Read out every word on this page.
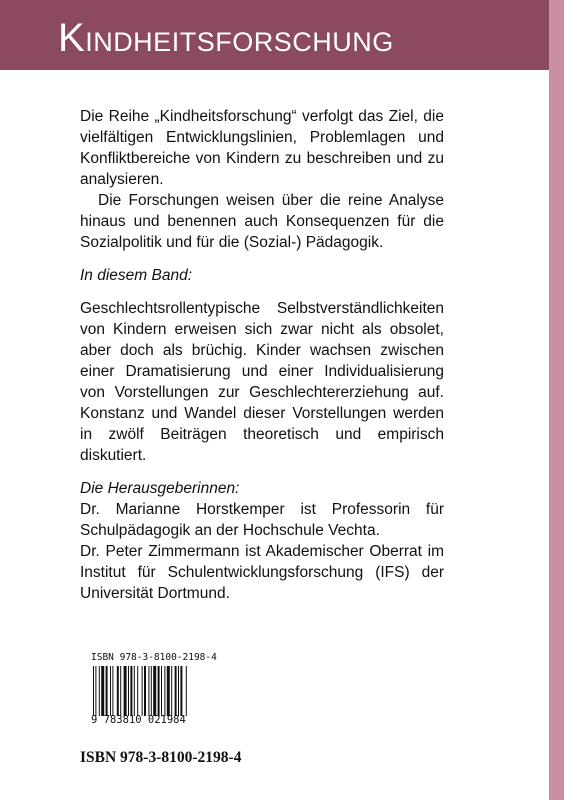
KINDHEITSFORSCHUNG

Die Reihe „Kindheitsforschung“ verfolgt das Ziel, die vielfältigen Entwicklungslinien, Problemlagen und Konfliktbereiche von Kindern zu beschreiben und zu analysieren.

Die Forschungen weisen über die reine Analyse hinaus und benennen auch Konsequenzen für die Sozialpolitik und für die (Sozial-) Pädagogik.

In diesem Band:

Geschlechtsrollentypische Selbstverständlichkeiten von Kindern erweisen sich zwar nicht als obsolet, aber doch als brüchig. Kinder wachsen zwischen einer Dramatisierung und einer Individualisierung von Vorstellungen zur Geschlechtererziehung auf. Konstanz und Wandel dieser Vorstellungen werden in zwölf Beiträgen theoretisch und empirisch diskutiert.

Die Herausgeberinnen:

Dr. Marianne Horstkemper ist Professorin für Schulpädagogik an der Hochschule Vechta.

Dr. Peter Zimmermann ist Akademischer Oberrat im Institut für Schulentwicklungsforschung (IFS) der Universität Dortmund.

ISBN 978-3-8100-2198-4
9 783810 021984
ISBN 978-3-8100-2198-4
